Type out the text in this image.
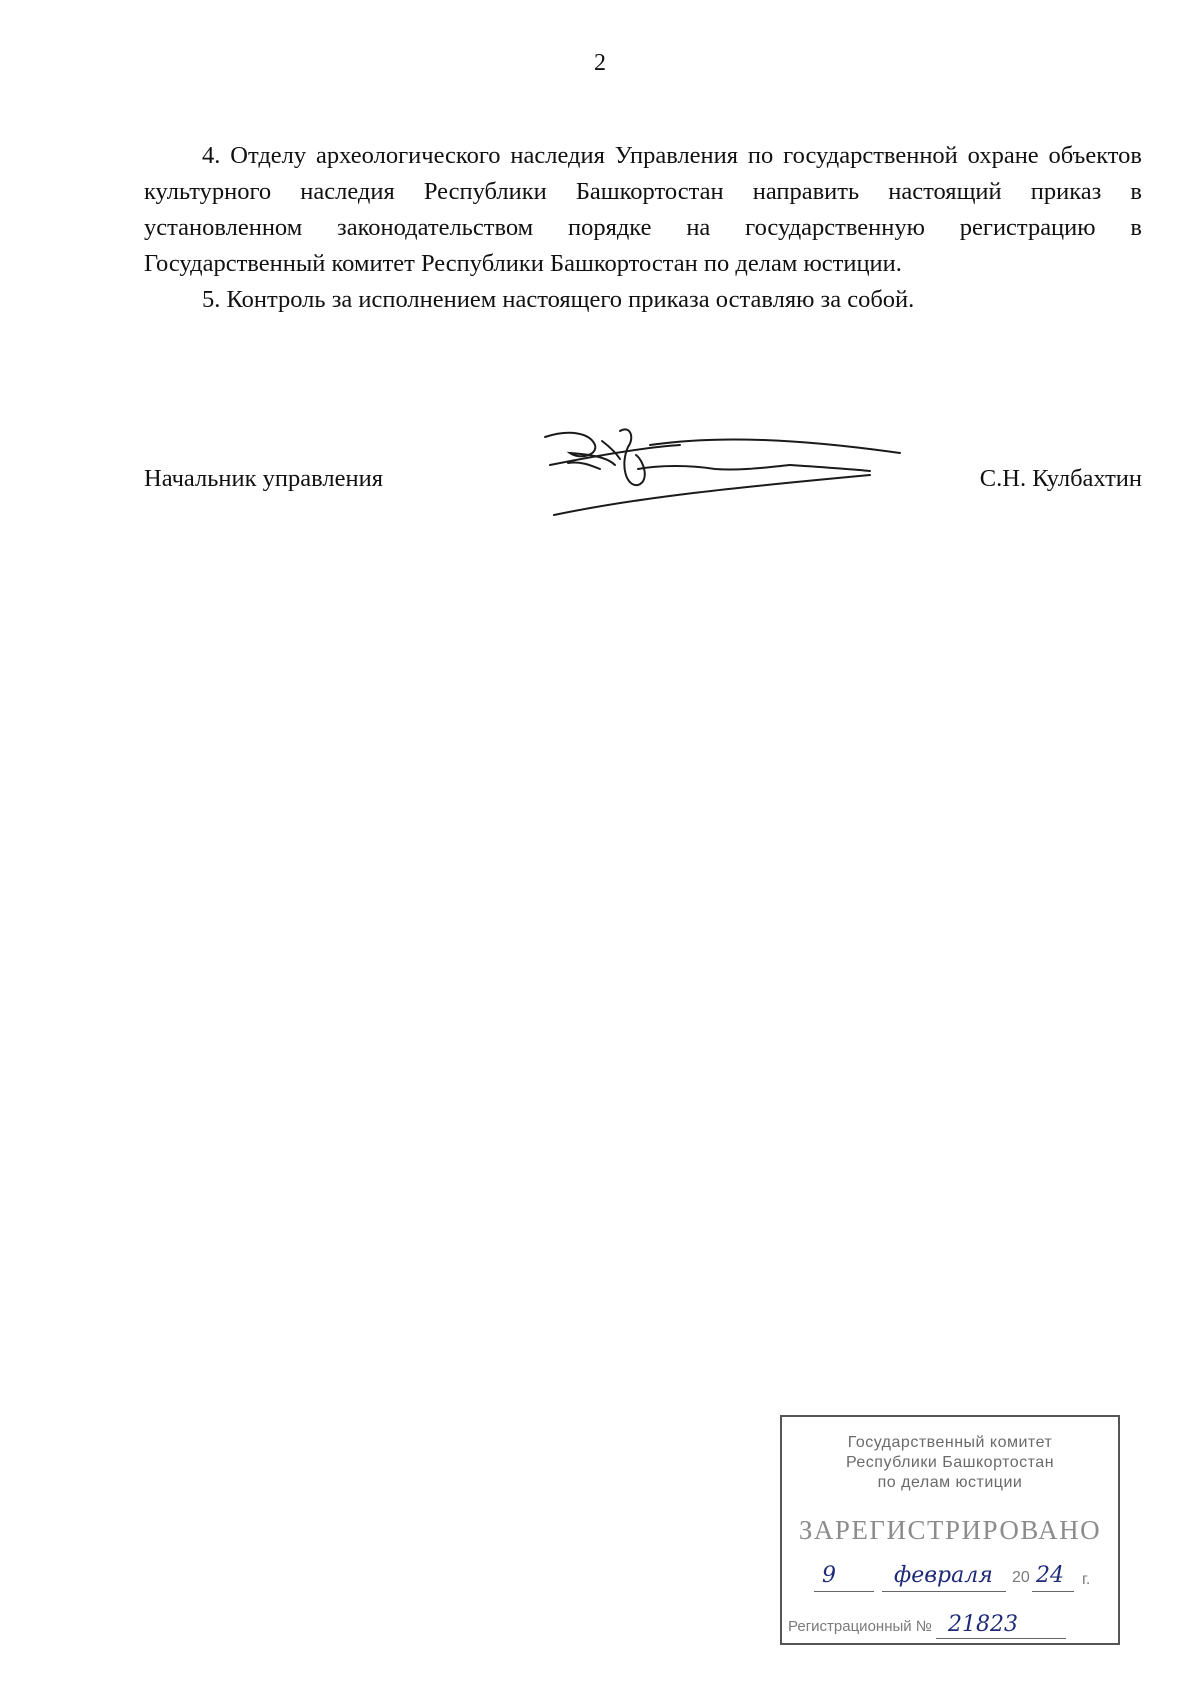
2

4. Отделу археологического наследия Управления по государственной охране объектов культурного наследия Республики Башкортостан направить настоящий приказ в установленном законодательством порядке на государственную регистрацию в Государственный комитет Республики Башкортостан по делам юстиции.

5. Контроль за исполнением настоящего приказа оставляю за собой.

Начальник управления	С.Н. Кулбахтин
Государственный комитет
Республики Башкортостан
по делам юстиции
ЗАРЕГИСТРИРОВАНО
9	февраля 20 24 г.
Регистрационный № 21823
